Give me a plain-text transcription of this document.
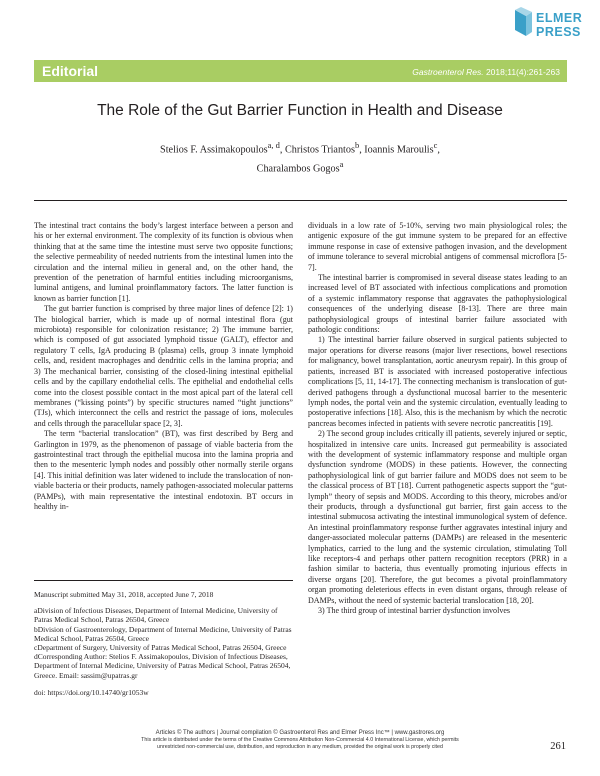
ELMER
PRESS
Editorial	Gastroenterol Res. 2018;11(4):261-263
The Role of the Gut Barrier Function in Health and Disease
Stelios F. Assimakopoulos$^{a, d}$, Christos Triantos$^b$, Ioannis Maroulis$^c$,
Charalambos Gogos$^a$

The intestinal tract contains the body’s largest interface between a person and his or her external environment. The complexity of its function is obvious when thinking that at the same time the intestine must serve two opposite functions; the selective permeability of needed nutrients from the intestinal lumen into the circulation and the internal milieu in general and, on the other hand, the prevention of the penetration of harmful entities including microorganisms, luminal antigens, and luminal proinflammatory factors. The latter function is known as barrier function [1].

The gut barrier function is comprised by three major lines of defence [2]: 1) The biological barrier, which is made up of normal intestinal flora (gut microbiota) responsible for colonization resistance; 2) The immune barrier, which is composed of gut associated lymphoid tissue (GALT), effector and regulatory T cells, IgA producing B (plasma) cells, group 3 innate lymphoid cells, and, resident macrophages and dendritic cells in the lamina propria; and 3) The mechanical barrier, consisting of the closed-lining intestinal epithelial cells and by the capillary endothelial cells. The epithelial and endothelial cells come into the closest possible contact in the most apical part of the lateral cell membranes (“kissing points”) by specific structures named “tight junctions” (TJs), which interconnect the cells and restrict the passage of ions, molecules and cells through the paracellular space [2, 3].

The term “bacterial translocation” (BT), was first described by Berg and Garlington in 1979, as the phenomenon of passage of viable bacteria from the gastrointestinal tract through the epithelial mucosa into the lamina propria and then to the mesenteric lymph nodes and possibly other normally sterile organs [4]. This initial definition was later widened to include the translocation of non-viable bacteria or their products, namely pathogen-associated molecular patterns (PAMPs), with main representative the intestinal endotoxin. BT occurs in healthy in-

Manuscript submitted May 31, 2018, accepted June 7, 2018

aDivision of Infectious Diseases, Department of Internal Medicine, University of Patras Medical School, Patras 26504, Greece

bDivision of Gastroenterology, Department of Internal Medicine, University of Patras Medical School, Patras 26504, Greece

cDepartment of Surgery, University of Patras Medical School, Patras 26504, Greece

dCorresponding Author: Stelios F. Assimakopoulos, Division of Infectious Diseases, Department of Internal Medicine, University of Patras Medical School, Patras 26504, Greece. Email: sassim@upatras.gr

doi: https://doi.org/10.14740/gr1053w

dividuals in a low rate of 5-10%, serving two main physiological roles; the antigenic exposure of the gut immune system to be prepared for an effective immune response in case of extensive pathogen invasion, and the development of immune tolerance to several microbial antigens of commensal microflora [5-7].

The intestinal barrier is compromised in several disease states leading to an increased level of BT associated with infectious complications and promotion of a systemic inflammatory response that aggravates the pathophysiological consequences of the underlying disease [8-13]. There are three main pathophysiological groups of intestinal barrier failure associated with pathologic conditions:

1) The intestinal barrier failure observed in surgical patients subjected to major operations for diverse reasons (major liver resections, bowel resections for malignancy, bowel transplantation, aortic aneurysm repair). In this group of patients, increased BT is associated with increased postoperative infectious complications [5, 11, 14-17]. The connecting mechanism is translocation of gut-derived pathogens through a dysfunctional mucosal barrier to the mesenteric lymph nodes, the portal vein and the systemic circulation, eventually leading to postoperative infections [18]. Also, this is the mechanism by which the necrotic pancreas becomes infected in patients with severe necrotic pancreatitis [19].

2) The second group includes critically ill patients, severely injured or septic, hospitalized in intensive care units. Increased gut permeability is associated with the development of systemic inflammatory response and multiple organ dysfunction syndrome (MODS) in these patients. However, the connecting pathophysiological link of gut barrier failure and MODS does not seem to be the classical process of BT [18]. Current pathogenetic aspects support the “gut-lymph” theory of sepsis and MODS. According to this theory, microbes and/or their products, through a dysfunctional gut barrier, first gain access to the intestinal submucosa activating the intestinal immunological system of defence. An intestinal proinflammatory response further aggravates intestinal injury and danger-associated molecular patterns (DAMPs) are released in the mesenteric lymphatics, carried to the lung and the systemic circulation, stimulating Toll like receptors-4 and perhaps other pattern recognition receptors (PRR) in a fashion similar to bacteria, thus eventually promoting injurious effects in diverse organs [20]. Therefore, the gut becomes a pivotal proinflammatory organ promoting deleterious effects in even distant organs, through release of DAMPs, without the need of systemic bacterial translocation [18, 20].

3) The third group of intestinal barrier dysfunction involves

Articles © The authors | Journal compilation © Gastroenterol Res and Elmer Press Inc™ | www.gastrores.org
This article is distributed under the terms of the Creative Commons Attribution Non-Commercial 4.0 International License, which permits
unrestricted non-commercial use, distribution, and reproduction in any medium, provided the original work is properly cited	261
